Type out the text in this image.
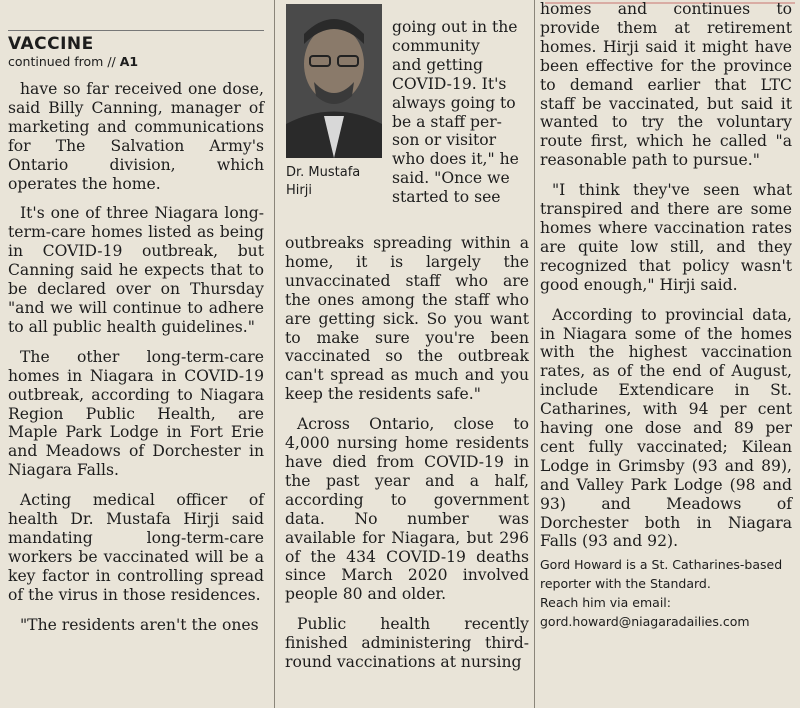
VACCINE
continued from // A1

have so far received one dose, said Billy Canning, manager of marketing and communications for The Salvation Army's Ontario division, which operates the home.

It's one of three Niagara long-term-care homes listed as being in COVID-19 outbreak, but Canning said he expects that to be declared over on Thursday "and we will continue to adhere to all public health guidelines."

The other long-term-care homes in Niagara in COVID-19 outbreak, according to Niagara Region Public Health, are Maple Park Lodge in Fort Erie and Meadows of Dorchester in Niagara Falls.

Acting medical officer of health Dr. Mustafa Hirji said mandating long-term-care workers be vaccinated will be a key factor in controlling spread of the virus in those residences.

"The residents aren't the ones

Dr. Mustafa Hirji
going out in the
community
and getting
COVID-19. It's
always going to
be a staff per-
son or visitor
who does it," he
said. "Once we
started to see

outbreaks spreading within a home, it is largely the unvaccinated staff who are the ones among the staff who are getting sick. So you want to make sure you're been vaccinated so the outbreak can't spread as much and you keep the residents safe."

Across Ontario, close to 4,000 nursing home residents have died from COVID-19 in the past year and a half, according to government data. No number was available for Niagara, but 296 of the 434 COVID-19 deaths since March 2020 involved people 80 and older.

Public health recently finished administering third-round vaccinations at nursing

homes and continues to provide them at retirement homes. Hirji said it might have been effective for the province to demand earlier that LTC staff be vaccinated, but said it wanted to try the voluntary route first, which he called "a reasonable path to pursue."

"I think they've seen what transpired and there are some homes where vaccination rates are quite low still, and they recognized that policy wasn't good enough," Hirji said.

According to provincial data, in Niagara some of the homes with the highest vaccination rates, as of the end of August, include Extendicare in St. Catharines, with 94 per cent having one dose and 89 per cent fully vaccinated; Kilean Lodge in Grimsby (93 and 89), and Valley Park Lodge (98 and 93) and Meadows of Dorchester both in Niagara Falls (93 and 92).

Gord Howard is a St. Catharines-based reporter with the Standard.

Reach him via email:

gord.howard@niagaradailies.com
